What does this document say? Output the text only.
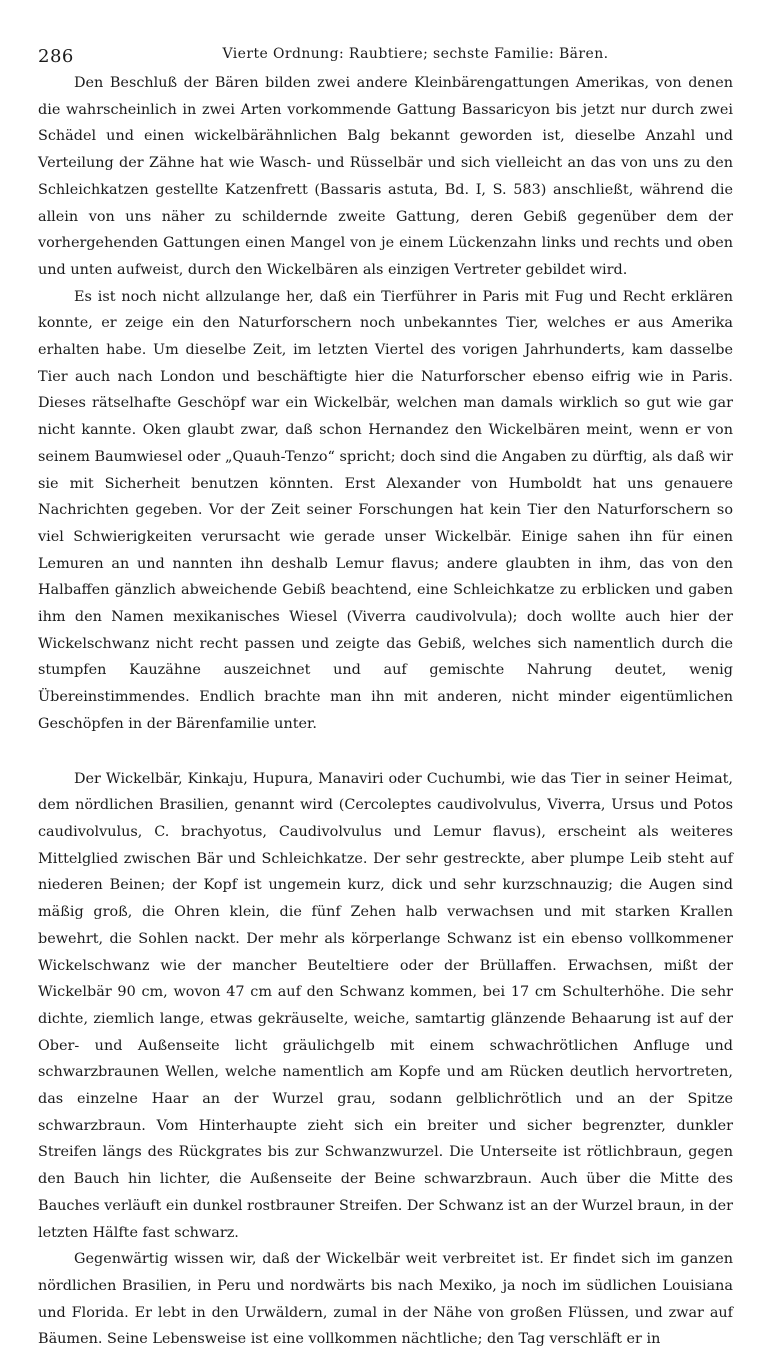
286	Vierte Ordnung: Raubtiere; sechste Familie: Bären.

Den Beschluß der Bären bilden zwei andere Kleinbärengattungen Amerikas, von denen die wahrscheinlich in zwei Arten vorkommende Gattung Bassaricyon bis jetzt nur durch zwei Schädel und einen wickelbärähnlichen Balg bekannt geworden ist, dieselbe Anzahl und Verteilung der Zähne hat wie Wasch- und Rüsselbär und sich vielleicht an das von uns zu den Schleichkatzen gestellte Katzenfrett (Bassaris astuta, Bd. I, S. 583) anschließt, während die allein von uns näher zu schildernde zweite Gattung, deren Gebiß gegenüber dem der vorhergehenden Gattungen einen Mangel von je einem Lückenzahn links und rechts und oben und unten aufweist, durch den Wickelbären als einzigen Vertreter gebildet wird.

Es ist noch nicht allzulange her, daß ein Tierführer in Paris mit Fug und Recht erklären konnte, er zeige ein den Naturforschern noch unbekanntes Tier, welches er aus Amerika erhalten habe. Um dieselbe Zeit, im letzten Viertel des vorigen Jahrhunderts, kam dasselbe Tier auch nach London und beschäftigte hier die Naturforscher ebenso eifrig wie in Paris. Dieses rätselhafte Geschöpf war ein Wickelbär, welchen man damals wirklich so gut wie gar nicht kannte. Oken glaubt zwar, daß schon Hernandez den Wickelbären meint, wenn er von seinem Baumwiesel oder „Quauh-Tenzo“ spricht; doch sind die Angaben zu dürftig, als daß wir sie mit Sicherheit benutzen könnten. Erst Alexander von Humboldt hat uns genauere Nachrichten gegeben. Vor der Zeit seiner Forschungen hat kein Tier den Naturforschern so viel Schwierigkeiten verursacht wie gerade unser Wickelbär. Einige sahen ihn für einen Lemuren an und nannten ihn deshalb Lemur flavus; andere glaubten in ihm, das von den Halbaffen gänzlich abweichende Gebiß beachtend, eine Schleichkatze zu erblicken und gaben ihm den Namen mexikanisches Wiesel (Viverra caudivolvula); doch wollte auch hier der Wickelschwanz nicht recht passen und zeigte das Gebiß, welches sich namentlich durch die stumpfen Kauzähne auszeichnet und auf gemischte Nahrung deutet, wenig Übereinstimmendes. Endlich brachte man ihn mit anderen, nicht minder eigentümlichen Geschöpfen in der Bärenfamilie unter.

Der Wickelbär, Kinkaju, Hupura, Manaviri oder Cuchumbi, wie das Tier in seiner Heimat, dem nördlichen Brasilien, genannt wird (Cercoleptes caudivolvulus, Viverra, Ursus und Potos caudivolvulus, C. brachyotus, Caudivolvulus und Lemur flavus), erscheint als weiteres Mittelglied zwischen Bär und Schleichkatze. Der sehr gestreckte, aber plumpe Leib steht auf niederen Beinen; der Kopf ist ungemein kurz, dick und sehr kurzschnauzig; die Augen sind mäßig groß, die Ohren klein, die fünf Zehen halb verwachsen und mit starken Krallen bewehrt, die Sohlen nackt. Der mehr als körperlange Schwanz ist ein ebenso vollkommener Wickelschwanz wie der mancher Beuteltiere oder der Brüllaffen. Erwachsen, mißt der Wickelbär 90 cm, wovon 47 cm auf den Schwanz kommen, bei 17 cm Schulterhöhe. Die sehr dichte, ziemlich lange, etwas gekräuselte, weiche, samtartig glänzende Behaarung ist auf der Ober- und Außenseite licht gräulichgelb mit einem schwachrötlichen Anfluge und schwarzbraunen Wellen, welche namentlich am Kopfe und am Rücken deutlich hervortreten, das einzelne Haar an der Wurzel grau, sodann gelblichrötlich und an der Spitze schwarzbraun. Vom Hinterhaupte zieht sich ein breiter und sicher begrenzter, dunkler Streifen längs des Rückgrates bis zur Schwanzwurzel. Die Unterseite ist rötlichbraun, gegen den Bauch hin lichter, die Außenseite der Beine schwarzbraun. Auch über die Mitte des Bauches verläuft ein dunkel rostbrauner Streifen. Der Schwanz ist an der Wurzel braun, in der letzten Hälfte fast schwarz.

Gegenwärtig wissen wir, daß der Wickelbär weit verbreitet ist. Er findet sich im ganzen nördlichen Brasilien, in Peru und nordwärts bis nach Mexiko, ja noch im südlichen Louisiana und Florida. Er lebt in den Urwäldern, zumal in der Nähe von großen Flüssen, und zwar auf Bäumen. Seine Lebensweise ist eine vollkommen nächtliche; den Tag verschläft er in
